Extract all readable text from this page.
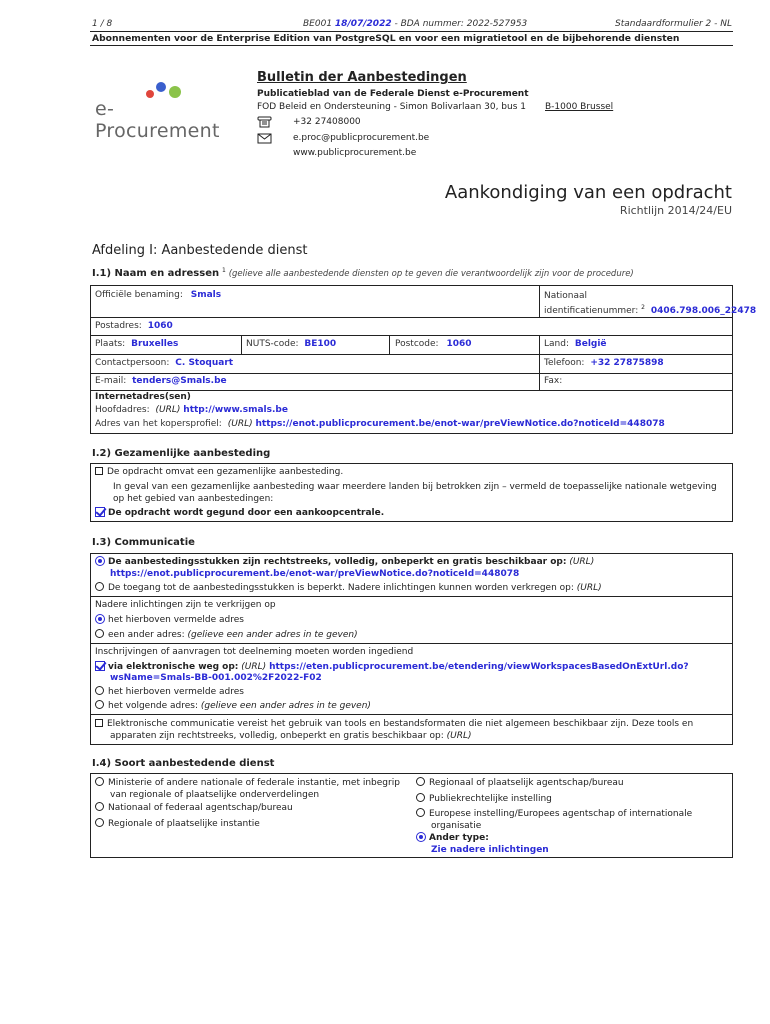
1 / 8	BE001 18/07/2022 - BDA nummer: 2022-527953	Standaardformulier 2 - NL
Abonnementen voor de Enterprise Edition van PostgreSQL en voor een migratietool en de bijbehorende diensten
e-Procurement
Bulletin der Aanbestedingen
Publicatieblad van de Federale Dienst e-Procurement
FOD Beleid en Ondersteuning - Simon Bolivarlaan 30, bus 1 B-1000 Brussel
+32 27408000
e.proc@publicprocurement.be
www.publicprocurement.be
Aankondiging van een opdracht
Richtlijn 2014/24/EU
Afdeling I: Aanbestedende dienst
I.1) Naam en adressen $^1$ (gelieve alle aanbestedende diensten op te geven die verantwoordelijk zijn voor de procedure)
Officiële benaming: Smals	Nationaal
identificatienummer: $^2$ 0406.798.006_22478
Postadres: 1060
Plaats: Bruxelles	NUTS-code: BE100	Postcode: 1060	Land: België
Contactpersoon: C. Stoquart	Telefoon: +32 27875898
E-mail: tenders@Smals.be	Fax:
Internetadres(sen)
Hoofdadres: (URL) http://www.smals.be
Adres van het kopersprofiel: (URL) https://enot.publicprocurement.be/enot-war/preViewNotice.do?noticeId=448078
I.2) Gezamenlijke aanbesteding
De opdracht omvat een gezamenlijke aanbesteding.
In geval van een gezamenlijke aanbesteding waar meerdere landen bij betrokken zijn – vermeld de toepasselijke nationale wetgeving
op het gebied van aanbestedingen:
De opdracht wordt gegund door een aankoopcentrale.
I.3) Communicatie
De aanbestedingsstukken zijn rechtstreeks, volledig, onbeperkt en gratis beschikbaar op: (URL)
https://enot.publicprocurement.be/enot-war/preViewNotice.do?noticeId=448078
De toegang tot de aanbestedingsstukken is beperkt. Nadere inlichtingen kunnen worden verkregen op: (URL)
Nadere inlichtingen zijn te verkrijgen op
het hierboven vermelde adres
een ander adres: (gelieve een ander adres in te geven)
Inschrijvingen of aanvragen tot deelneming moeten worden ingediend
via elektronische weg op: (URL) https://eten.publicprocurement.be/etendering/viewWorkspacesBasedOnExtUrl.do?
wsName=Smals-BB-001.002%2F2022-F02
het hierboven vermelde adres
het volgende adres: (gelieve een ander adres in te geven)
Elektronische communicatie vereist het gebruik van tools en bestandsformaten die niet algemeen beschikbaar zijn. Deze tools en
apparaten zijn rechtstreeks, volledig, onbeperkt en gratis beschikbaar op: (URL)
I.4) Soort aanbestedende dienst
Ministerie of andere nationale of federale instantie, met inbegrip
van regionale of plaatselijke onderverdelingen
Nationaal of federaal agentschap/bureau
Regionale of plaatselijke instantie
Regionaal of plaatselijk agentschap/bureau
Publiekrechtelijke instelling
Europese instelling/Europees agentschap of internationale
organisatie
Ander type:
Zie nadere inlichtingen
